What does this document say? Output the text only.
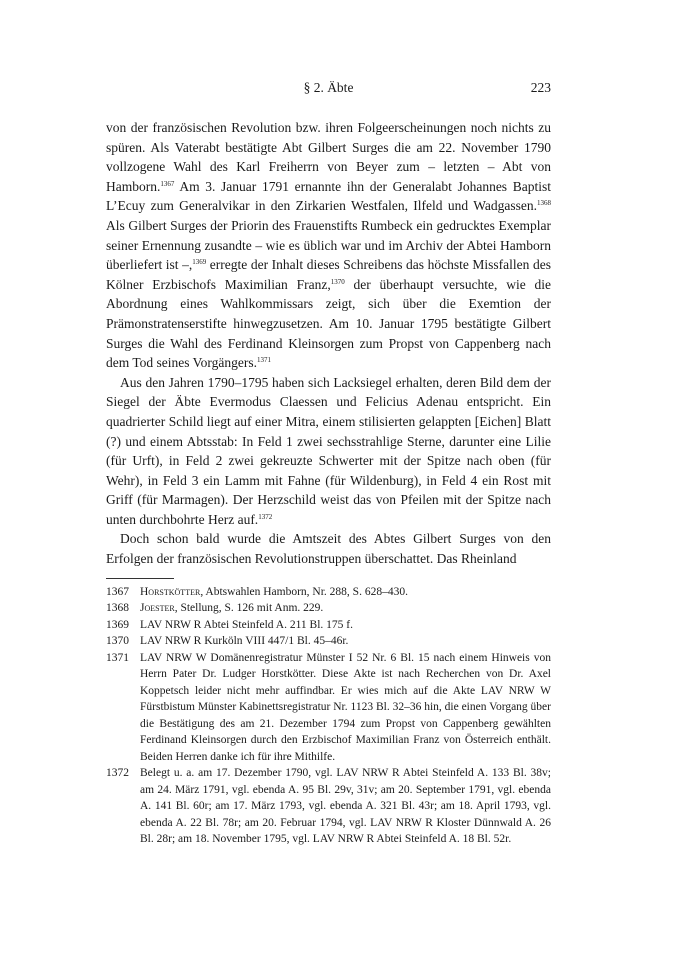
§ 2. Äbte	223

von der französischen Revolution bzw. ihren Folgeerscheinungen noch nichts zu spüren. Als Vaterabt bestätigte Abt Gilbert Surges die am 22. November 1790 vollzogene Wahl des Karl Freiherrn von Beyer zum – letzten – Abt von Hamborn.$^{1367}$ Am 3. Januar 1791 ernannte ihn der Generalabt Johannes Baptist L’Ecuy zum Generalvikar in den Zirkarien Westfalen, Ilfeld und Wadgassen.$^{1368}$ Als Gilbert Surges der Priorin des Frauenstifts Rumbeck ein gedrucktes Exemplar seiner Ernennung zusandte – wie es üblich war und im Archiv der Abtei Hamborn überliefert ist –,$^{1369}$ erregte der Inhalt dieses Schreibens das höchste Missfallen des Kölner Erzbischofs Maximilian Franz,$^{1370}$ der überhaupt versuchte, wie die Abordnung eines Wahlkommissars zeigt, sich über die Exemtion der Prämonstratenserstifte hinwegzusetzen. Am 10. Januar 1795 bestätigte Gilbert Surges die Wahl des Ferdinand Kleinsorgen zum Propst von Cappenberg nach dem Tod seines Vorgängers.$^{1371}$

Aus den Jahren 1790–1795 haben sich Lacksiegel erhalten, deren Bild dem der Siegel der Äbte Evermodus Claessen und Felicius Adenau entspricht. Ein quadrierter Schild liegt auf einer Mitra, einem stilisierten gelappten [Eichen] Blatt (?) und einem Abtsstab: In Feld 1 zwei sechsstrahlige Sterne, darunter eine Lilie (für Urft), in Feld 2 zwei gekreuzte Schwerter mit der Spitze nach oben (für Wehr), in Feld 3 ein Lamm mit Fahne (für Wildenburg), in Feld 4 ein Rost mit Griff (für Marmagen). Der Herzschild weist das von Pfeilen mit der Spitze nach unten durchbohrte Herz auf.$^{1372}$

Doch schon bald wurde die Amtszeit des Abtes Gilbert Surges von den Erfolgen der französischen Revolutionstruppen überschattet. Das Rheinland

1367 Horstkötter, Abtswahlen Hamborn, Nr. 288, S. 628–430.
1368 Joester, Stellung, S. 126 mit Anm. 229.
1369 LAV NRW R Abtei Steinfeld A. 211 Bl. 175 f.
1370 LAV NRW R Kurköln VIII 447/1 Bl. 45–46r.
1371 LAV NRW W Domänenregistratur Münster I 52 Nr. 6 Bl. 15 nach einem Hinweis von Herrn Pater Dr. Ludger Horstkötter. Diese Akte ist nach Recherchen von Dr. Axel Koppetsch leider nicht mehr auffindbar. Er wies mich auf die Akte LAV NRW W Fürstbistum Münster Kabinettsregistratur Nr. 1123 Bl. 32–36 hin, die einen Vorgang über die Bestätigung des am 21. Dezember 1794 zum Propst von Cappenberg gewählten Ferdinand Kleinsorgen durch den Erzbischof Maximilian Franz von Österreich enthält. Beiden Herren danke ich für ihre Mithilfe.
1372 Belegt u. a. am 17. Dezember 1790, vgl. LAV NRW R Abtei Steinfeld A. 133 Bl. 38v; am 24. März 1791, vgl. ebenda A. 95 Bl. 29v, 31v; am 20. September 1791, vgl. ebenda A. 141 Bl. 60r; am 17. März 1793, vgl. ebenda A. 321 Bl. 43r; am 18. April 1793, vgl. ebenda A. 22 Bl. 78r; am 20. Februar 1794, vgl. LAV NRW R Kloster Dünnwald A. 26 Bl. 28r; am 18. November 1795, vgl. LAV NRW R Abtei Steinfeld A. 18 Bl. 52r.
